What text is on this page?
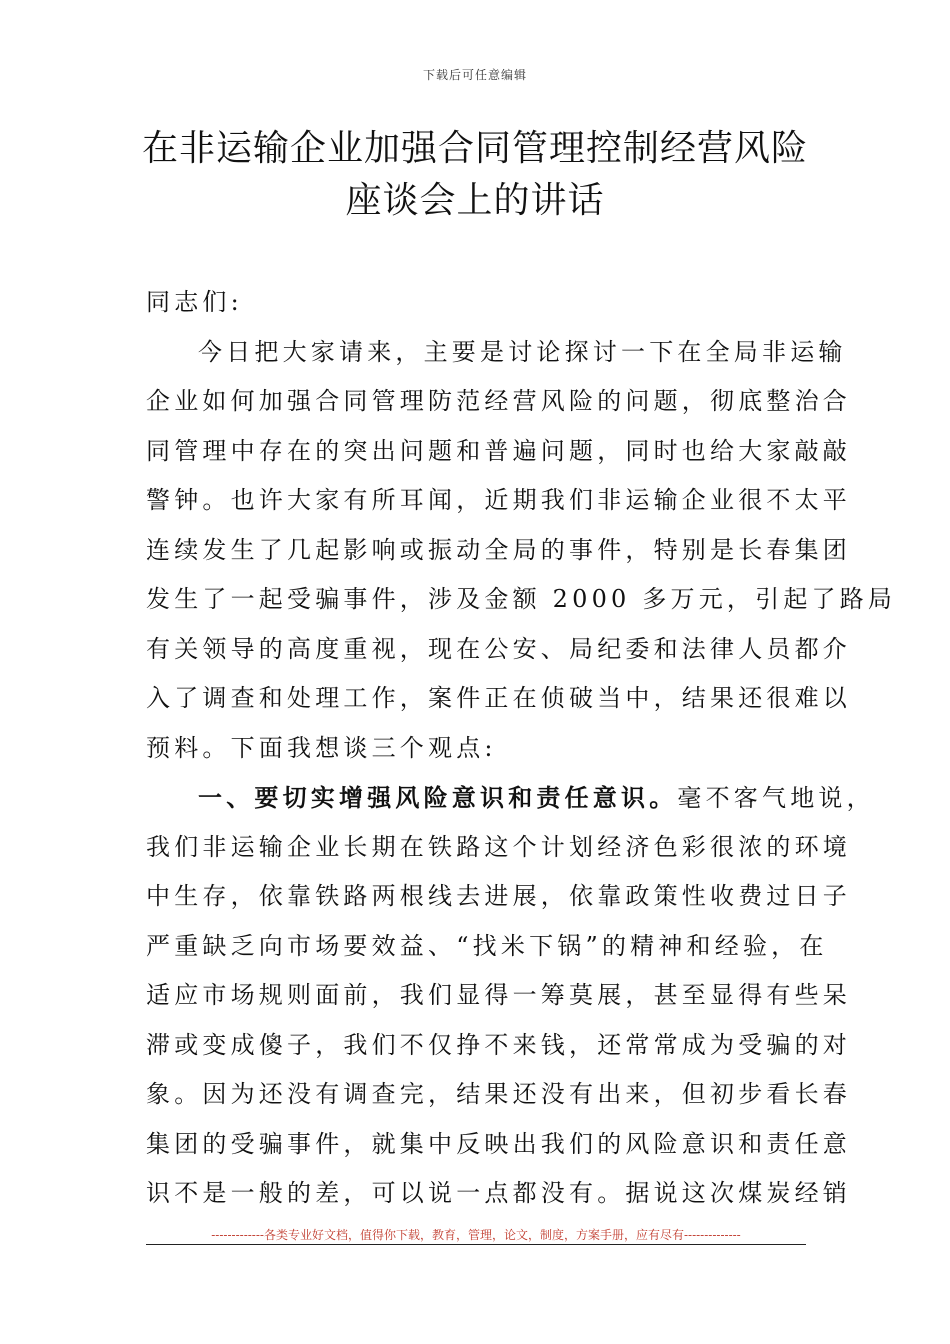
下载后可任意编辑
在非运输企业加强合同管理控制经营风险
座谈会上的讲话
同志们:
今日把大家请来，主要是讨论探讨一下在全局非运输
企业如何加强合同管理防范经营风险的问题，彻底整治合
同管理中存在的突出问题和普遍问题，同时也给大家敲敲
警钟。也许大家有所耳闻，近期我们非运输企业很不太平
连续发生了几起影响或振动全局的事件，特别是长春集团
发生了一起受骗事件，涉及金额 2000 多万元，引起了路局
有关领导的高度重视，现在公安、局纪委和法律人员都介
入了调查和处理工作，案件正在侦破当中，结果还很难以
预料。下面我想谈三个观点:
一、要切实增强风险意识和责任意识。毫不客气地说，
我们非运输企业长期在铁路这个计划经济色彩很浓的环境
中生存，依靠铁路两根线去进展，依靠政策性收费过日子
严重缺乏向市场要效益、“找米下锅”的精神和经验，在
适应市场规则面前，我们显得一筹莫展，甚至显得有些呆
滞或变成傻子，我们不仅挣不来钱，还常常成为受骗的对
象。因为还没有调查完，结果还没有出来，但初步看长春
集团的受骗事件，就集中反映出我们的风险意识和责任意
识不是一般的差，可以说一点都没有。据说这次煤炭经销
-------------各类专业好文档，值得你下载，教育，管理，论文，制度，方案手册，应有尽有--------------
